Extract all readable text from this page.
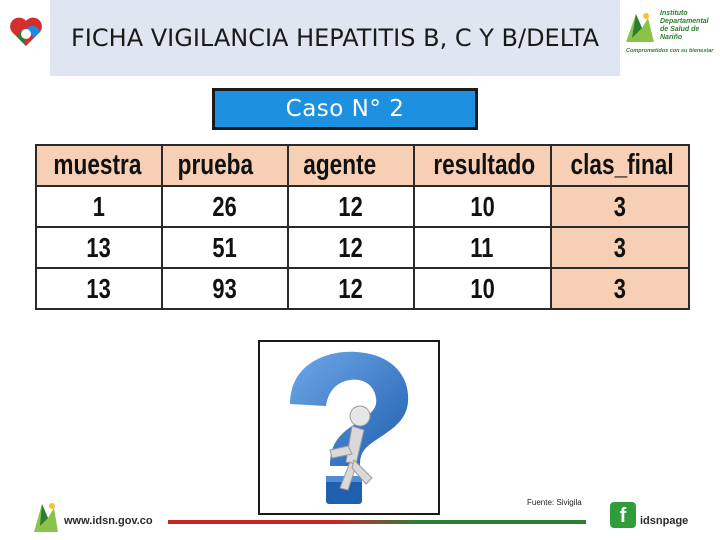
FICHA VIGILANCIA HEPATITIS B, C Y B/DELTA
Instituto
Departamental
de Salud de Nariño
Comprometidos con su bienestar
Caso N° 2
muestra	prueba	agente	resultado	clas_final
1	26	12	10	3
13	51	12	11	3
13	93	12	10	3
Fuente: Sivigila
www.idsn.gov.co	f	idsnpage
